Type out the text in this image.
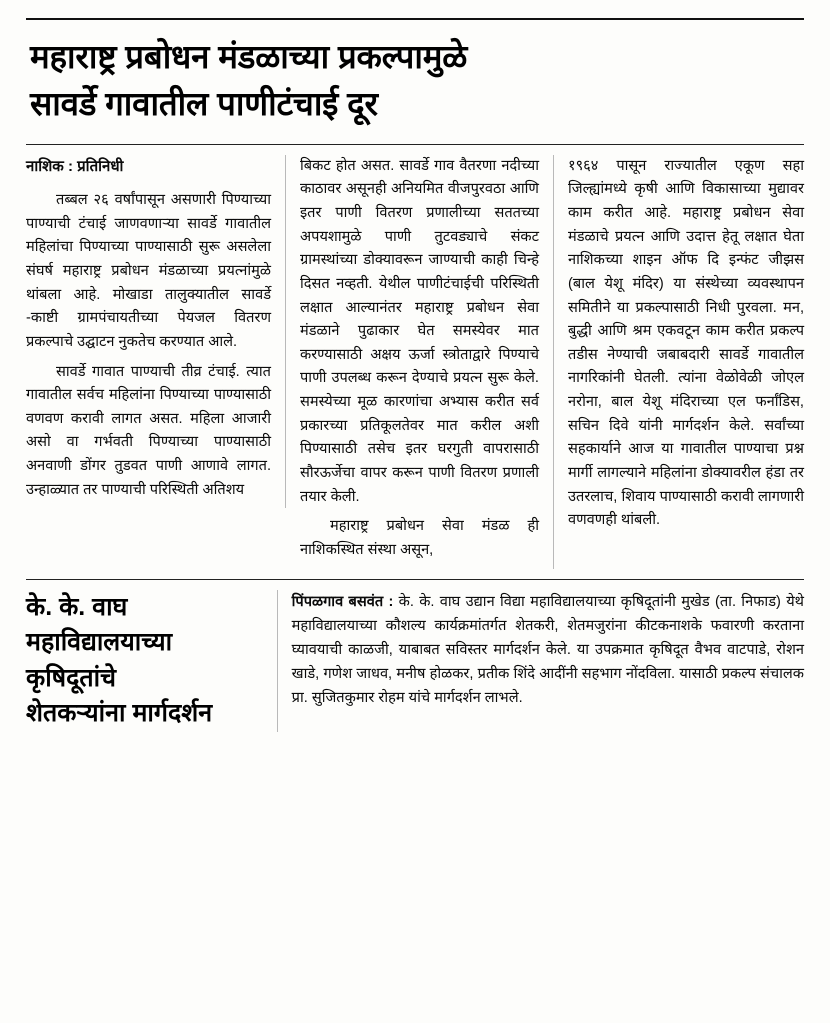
महाराष्ट्र प्रबोधन मंडळाच्या प्रकल्पामुळे
सावर्डे गावातील पाणीटंचाई दूर
नाशिक : प्रतिनिधी

तब्बल २६ वर्षांपासून असणारी पिण्याच्या पाण्याची टंचाई जाणवणाऱ्या सावर्डे गावातील महिलांचा पिण्याच्या पाण्यासाठी सुरू असलेला संघर्ष महाराष्ट्र प्रबोधन मंडळाच्या प्रयत्नांमुळे थांबला आहे. मोखाडा तालुक्यातील सावर्डे -काष्टी ग्रामपंचायतीच्या पेयजल वितरण प्रकल्पाचे उद्घाटन नुकतेच करण्यात आले.

सावर्डे गावात पाण्याची तीव्र टंचाई. त्यात गावातील सर्वच महिलांना पिण्याच्या पाण्यासाठी वणवण करावी लागत असत. महिला आजारी असो वा गर्भवती पिण्याच्या पाण्यासाठी अनवाणी डोंगर तुडवत पाणी आणावे लागत. उन्हाळ्यात तर पाण्याची परिस्थिती अतिशय

बिकट होत असत. सावर्डे गाव वैतरणा नदीच्या काठावर असूनही अनियमित वीजपुरवठा आणि इतर पाणी वितरण प्रणालीच्या सततच्या अपयशामुळे पाणी तुटवड्याचे संकट ग्रामस्थांच्या डोक्यावरून जाण्याची काही चिन्हे दिसत नव्हती. येथील पाणीटंचाईची परिस्थिती लक्षात आल्यानंतर महाराष्ट्र प्रबोधन सेवा मंडळाने पुढाकार घेत समस्येवर मात करण्यासाठी अक्षय ऊर्जा स्त्रोताद्वारे पिण्याचे पाणी उपलब्ध करून देण्याचे प्रयत्न सुरू केले. समस्येच्या मूळ कारणांचा अभ्यास करीत सर्व प्रकारच्या प्रतिकूलतेवर मात करील अशी पिण्यासाठी तसेच इतर घरगुती वापरासाठी सौरऊर्जेचा वापर करून पाणी वितरण प्रणाली तयार केली.

महाराष्ट्र प्रबोधन सेवा मंडळ ही नाशिकस्थित संस्था असून,

१९६४ पासून राज्यातील एकूण सहा जिल्ह्यांमध्ये कृषी आणि विकासाच्या मुद्यावर काम करीत आहे. महाराष्ट्र प्रबोधन सेवा मंडळाचे प्रयत्न आणि उदात्त हेतू लक्षात घेता नाशिकच्या शाइन ऑफ दि इन्फंट जीझस (बाल येशू मंदिर) या संस्थेच्या व्यवस्थापन समितीने या प्रकल्पासाठी निधी पुरवला. मन, बुद्धी आणि श्रम एकवटून काम करीत प्रकल्प तडीस नेण्याची जबाबदारी सावर्डे गावातील नागरिकांनी घेतली. त्यांना वेळोवेळी जोएल नरोना, बाल येशू मंदिराच्या एल फर्नांडिस, सचिन दिवे यांनी मार्गदर्शन केले. सर्वांच्या सहकार्याने आज या गावातील पाण्याचा प्रश्न मार्गी लागल्याने महिलांना डोक्यावरील हंडा तर उतरलाच, शिवाय पाण्यासाठी करावी लागणारी वणवणही थांबली.

के. के. वाघ
महाविद्यालयाच्या
कृषिदूतांचे
शेतकऱ्यांना मार्गदर्शन

पिंपळगाव बसवंत : के. के. वाघ उद्यान विद्या महाविद्यालयाच्या कृषिदूतांनी मुखेड (ता. निफाड) येथे महाविद्यालयाच्या कौशल्य कार्यक्रमांतर्गत शेतकरी, शेतमजुरांना कीटकनाशके फवारणी करताना घ्यावयाची काळजी, याबाबत सविस्तर मार्गदर्शन केले. या उपक्रमात कृषिदूत वैभव वाटपाडे, रोशन खाडे, गणेश जाधव, मनीष होळकर, प्रतीक शिंदे आदींनी सहभाग नोंदविला. यासाठी प्रकल्प संचालक प्रा. सुजितकुमार रोहम यांचे मार्गदर्शन लाभले.
